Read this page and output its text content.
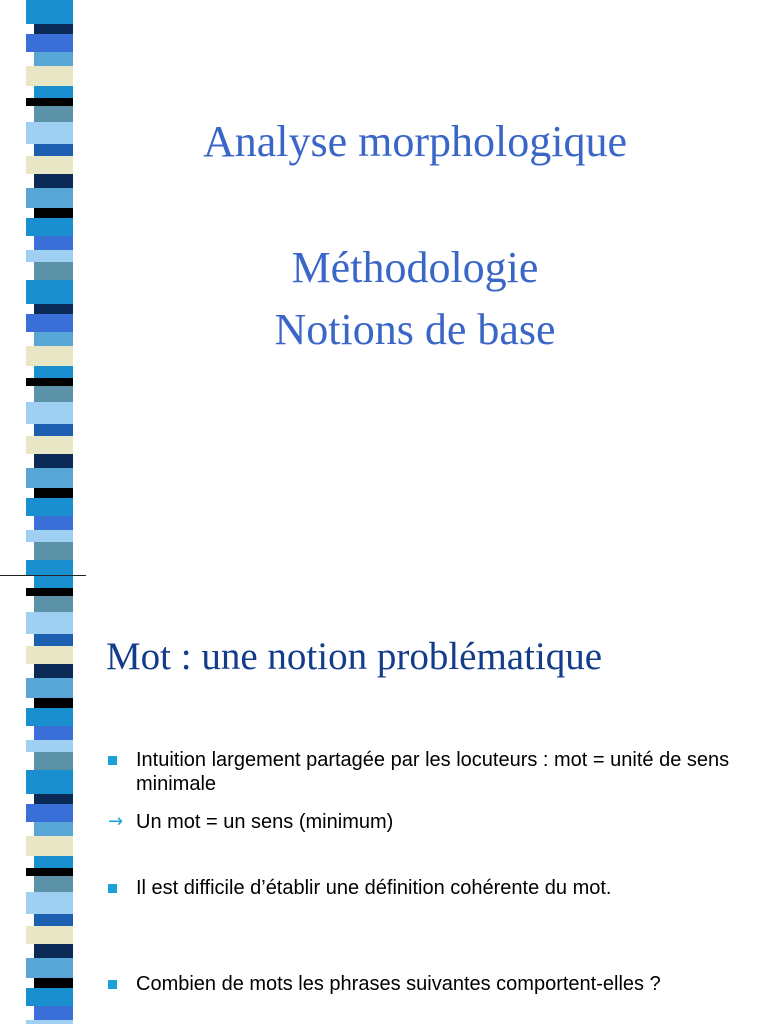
Analyse morphologique
Méthodologie
Notions de base
Mot : une notion problématique
Intuition largement partagée par les locuteurs : mot = unité de sens minimale
→ Un mot = un sens (minimum)
Il est difficile d’établir une définition cohérente du mot.
Combien de mots les phrases suivantes comportent-elles ?
